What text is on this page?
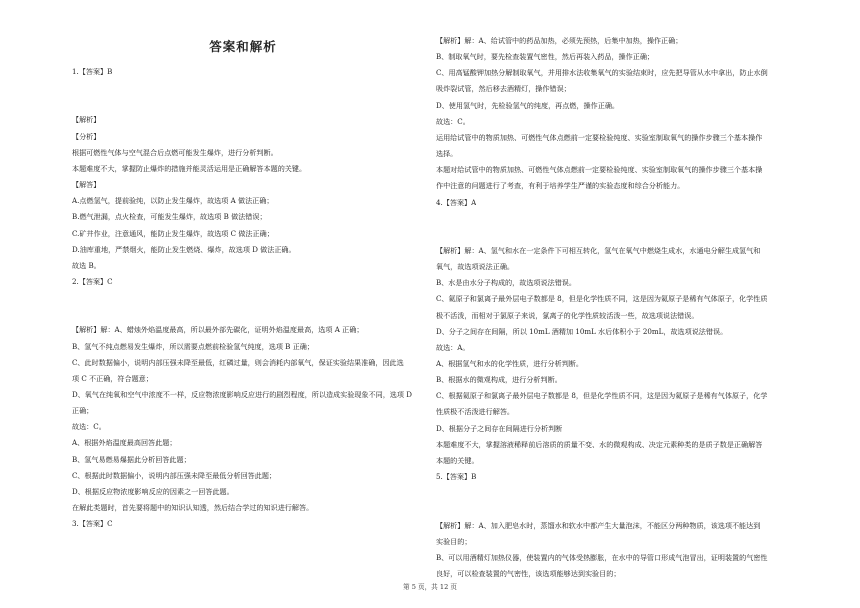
答案和解析
1.【答案】B
【解析】
【分析】
根据可燃性气体与空气混合后点燃可能发生爆炸，进行分析判断。
本题难度不大，掌握防止爆炸的措施并能灵活运用是正确解答本题的关键。
【解答】
A.点燃氢气，提前验纯，以防止发生爆炸，故选项 A 做法正确；
B.燃气泄漏，点火检查，可能发生爆炸，故选项 B 做法错误；
C.矿井作业，注意通风，能防止发生爆炸，故选项 C 做法正确；
D.油库重地，严禁烟火，能防止发生燃烧、爆炸，故选项 D 做法正确。
故选 B。
2.【答案】C
【解析】解：A、蜡烛外焰温度最高，所以最外部先碳化，证明外焰温度最高，选项 A 正确；
B、氢气不纯点燃易发生爆炸，所以需要点燃前检验氢气纯度，选项 B 正确；
C、此时数据偏小，说明内部压强未降至最低，红磷过量，则会消耗内部氧气，保证实验结果准确，因此选
项 C 不正确，符合题意；
D、氧气在纯氧和空气中浓度不一样，反应物浓度影响反应进行的剧烈程度，所以造成实验现象不同，选项 D
正确；
故选：C。
A、根据外焰温度最高回答此题；
B、氢气易燃易爆据此分析回答此题；
C、根据此时数据偏小，说明内部压强未降至最低分析回答此题；
D、根据反应物浓度影响反应的因素之一回答此题。
在解此类题时，首先要将题中的知识认知透，然后结合学过的知识进行解答。
3.【答案】C
【解析】解：A、给试管中的药品加热，必须先预热，后集中加热，操作正确；
B、制取氧气时，要先检查装置气密性，然后再装入药品，操作正确；
C、用高锰酸钾加热分解制取氧气，并用排水法收集氧气的实验结束时，应先把导管从水中拿出，防止水倒
吸炸裂试管，然后移去酒精灯，操作错误；
D、使用氢气时，先检验氢气的纯度，再点燃，操作正确。
故选：C。
运用给试管中的物质加热、可燃性气体点燃前一定要检验纯度、实验室制取氧气的操作步骤三个基本操作
选择。
本题对给试管中的物质加热、可燃性气体点燃前一定要检验纯度、实验室制取氧气的操作步骤三个基本操
作中注意的问题进行了考查，有利于培养学生严谨的实验态度和综合分析能力。
4.【答案】A
【解析】解：A、氢气和水在一定条件下可相互转化，氢气在氧气中燃烧生成水，水通电分解生成氢气和
氧气，故选项说法正确。
B、水是由水分子构成的，故选项说法错误。
C、氦原子和氯离子最外层电子数都是 8，但是化学性质不同，这是因为氦原子是稀有气体原子，化学性质
极不活泼，而相对于氯原子来说，氯离子的化学性质较活泼一些，故选项说法错误。
D、分子之间存在间隔，所以 10mL 酒精加 10mL 水后体积小于 20mL，故选项说法错误。
故选：A。
A、根据氢气和水的化学性质，进行分析判断。
B、根据水的微观构成，进行分析判断。
C、根据氦原子和氯离子最外层电子数都是 8，但是化学性质不同，这是因为氦原子是稀有气体原子，化学
性质极不活泼进行解答。
D、根据分子之间存在间隔进行分析判断
本题难度不大，掌握溶液稀释前后溶质的质量不变、水的微观构成、决定元素种类的是质子数是正确解答
本题的关键。
5.【答案】B
【解析】解：A、加入肥皂水时，蒸馏水和软水中都产生大量泡沫，不能区分两种物质，该选项不能达到
实验目的；
B、可以用酒精灯加热仪器，使装置内的气体受热膨胀，在水中的导管口形成气泡冒出，证明装置的气密性
良好，可以检查装置的气密性，该选项能够达到实验目的；
第 5 页，共 12 页
